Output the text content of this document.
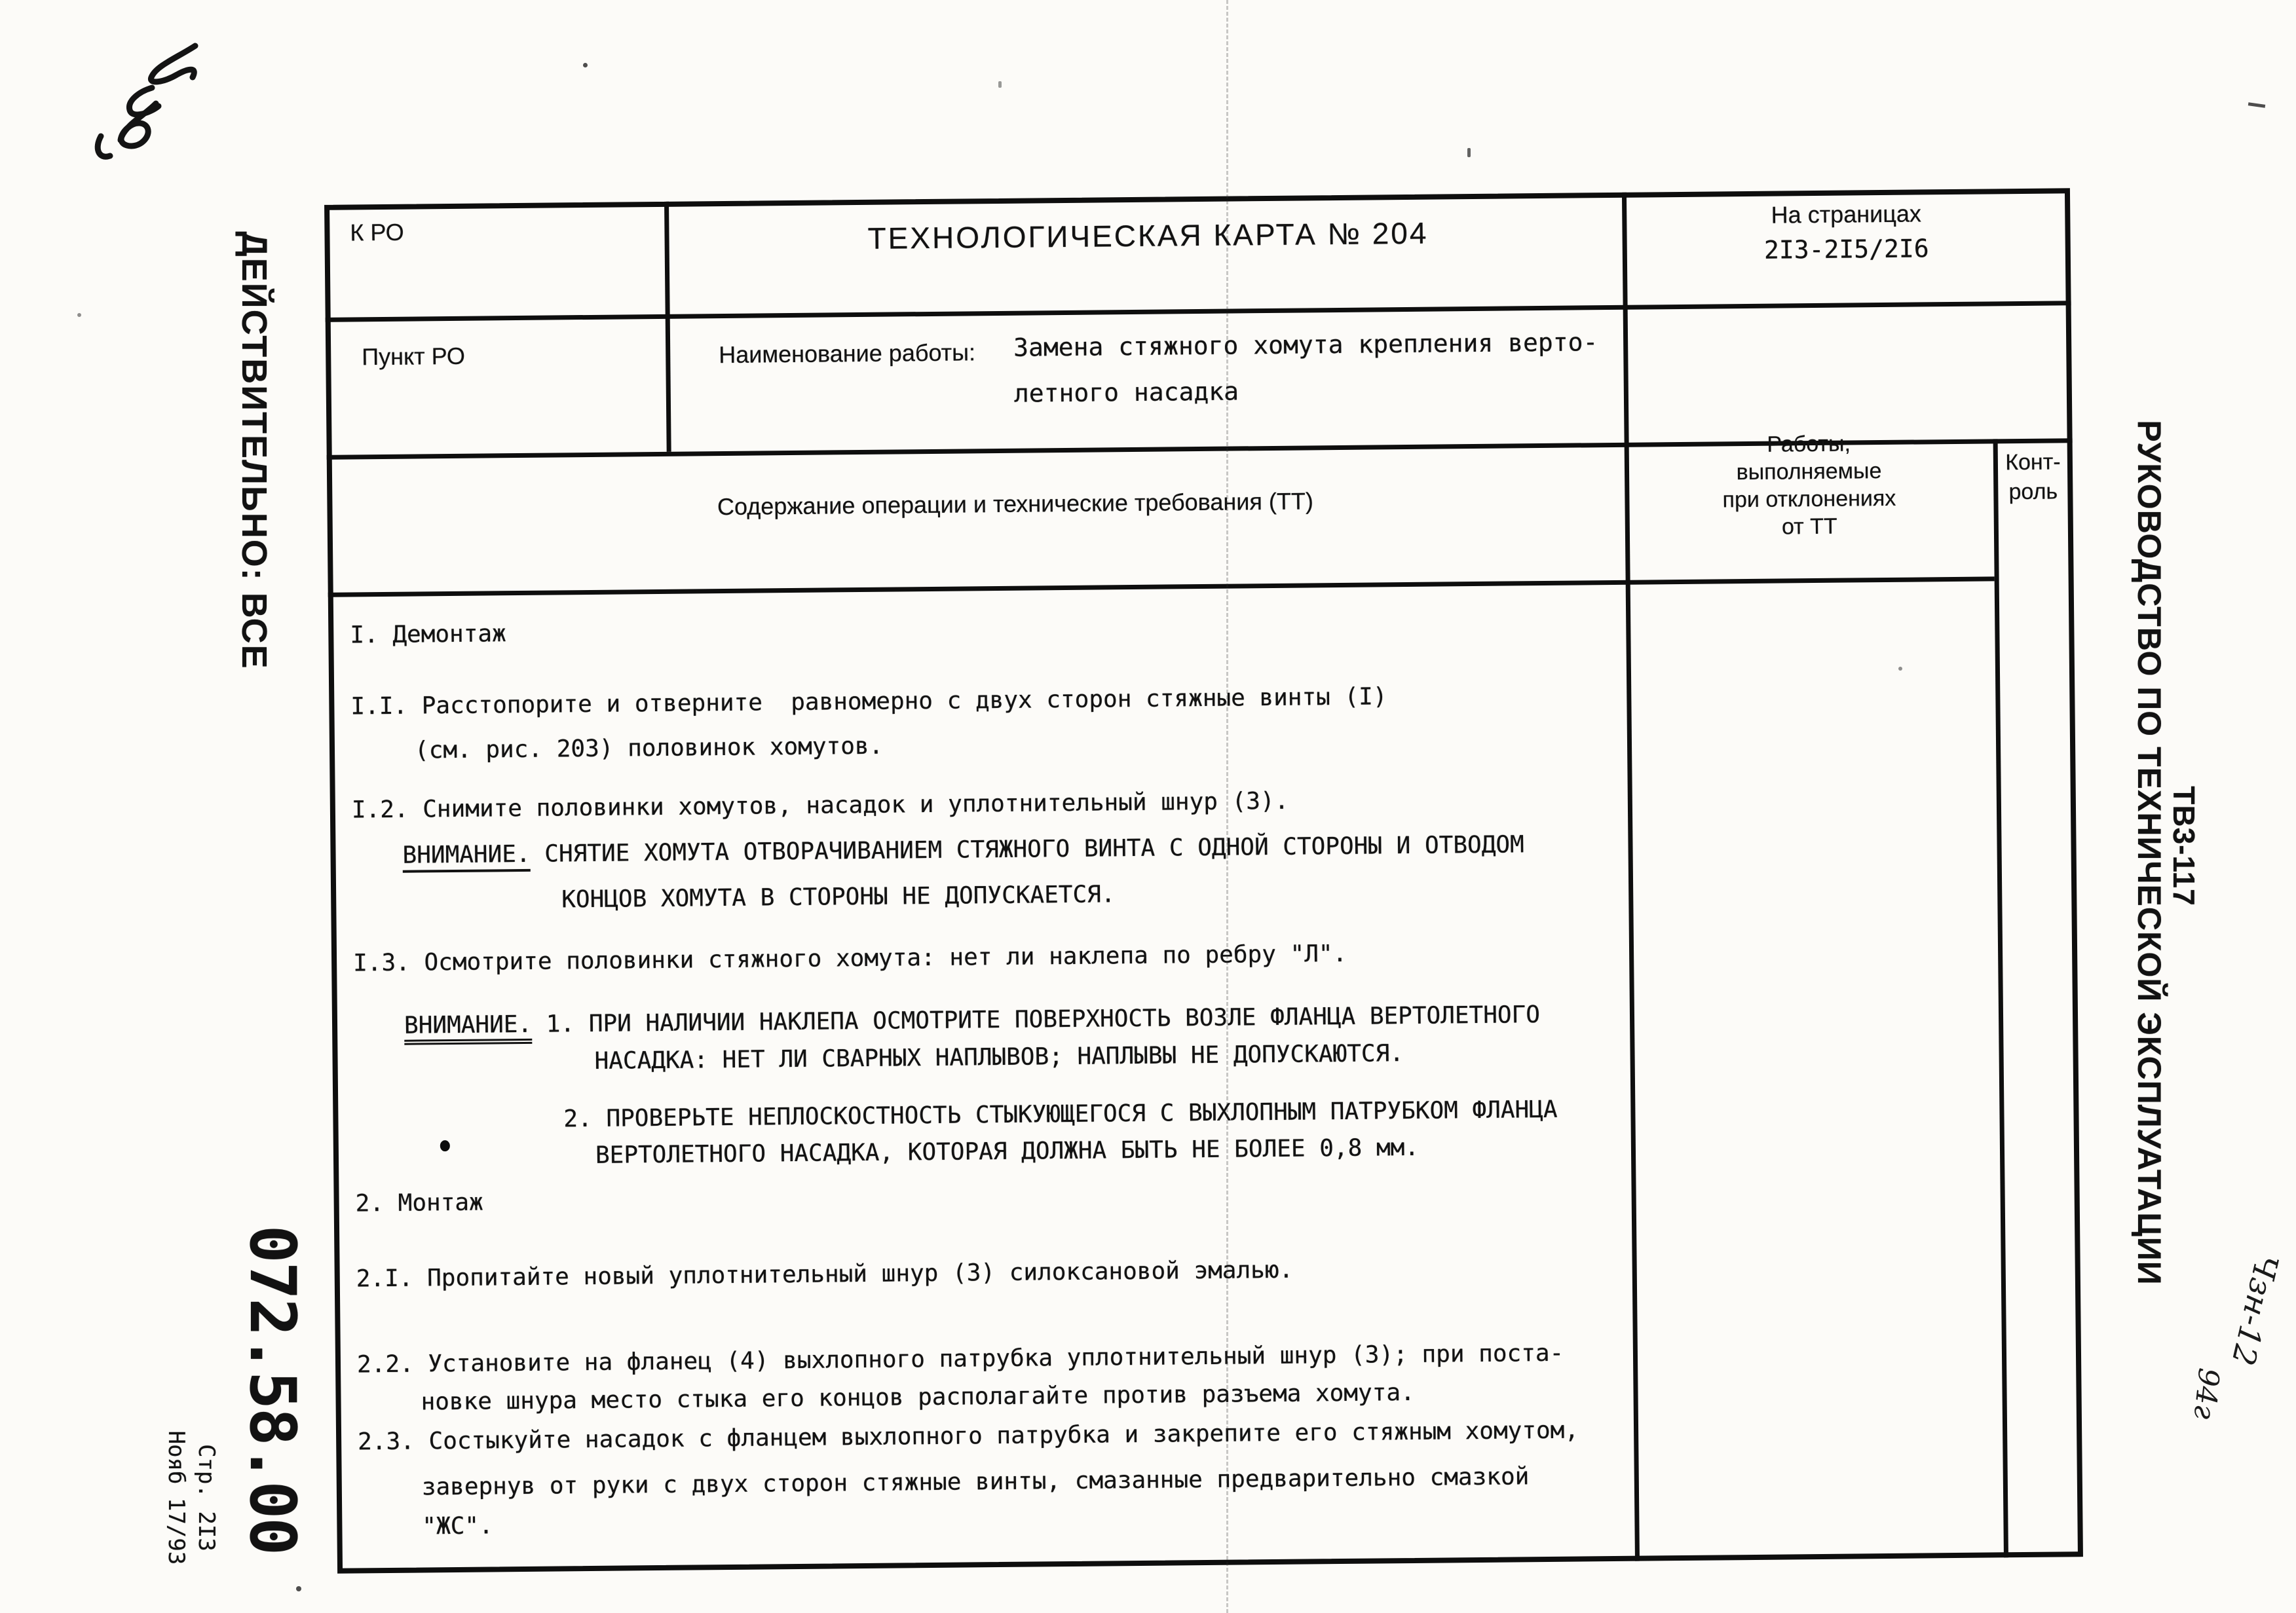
ДЕЙСТВИТЕЛЬНО: ВСЕ
072.58.00
Стр. 2I3
Нояб 17/93
ТВ3-117
РУКОВОДСТВО ПО ТЕХНИЧЕСКОЙ ЭКСПЛУАТАЦИИ
Чзн-12
94г
К РО	ТЕХНОЛОГИЧЕСКАЯ КАРТА № 204
На страницах
2I3-2I5/2I6
Пункт РО	Наименование работы: Замена стяжного хомута крепления верто-
летного насадка
Содержание операции и технические требования (ТТ)
Работы,
выполняемые
при отклонениях
от ТТ
Конт-
роль
I. Демонтаж
I.I. Расстопорите и отверните  равномерно с двух сторон стяжные винты (I)
(см. рис. 203) половинок хомутов.
I.2. Снимите половинки хомутов, насадок и уплотнительный шнур (3).
ВНИМАНИЕ. СНЯТИЕ ХОМУТА ОТВОРАЧИВАНИЕМ СТЯЖНОГО ВИНТА С ОДНОЙ СТОРОНЫ И ОТВОДОМ
КОНЦОВ ХОМУТА В СТОРОНЫ НЕ ДОПУСКАЕТСЯ.
I.3. Осмотрите половинки стяжного хомута: нет ли наклепа по ребру "Л".
ВНИМАНИЕ. 1. ПРИ НАЛИЧИИ НАКЛЕПА ОСМОТРИТЕ ПОВЕРХНОСТЬ ВОЗЛЕ ФЛАНЦА ВЕРТОЛЕТНОГО
НАСАДКА: НЕТ ЛИ СВАРНЫХ НАПЛЫВОВ; НАПЛЫВЫ НЕ ДОПУСКАЮТСЯ.
2. ПРОВЕРЬТЕ НЕПЛОСКОСТНОСТЬ СТЫКУЮЩЕГОСЯ С ВЫХЛОПНЫМ ПАТРУБКОМ ФЛАНЦА
ВЕРТОЛЕТНОГО НАСАДКА, КОТОРАЯ ДОЛЖНА БЫТЬ НЕ БОЛЕЕ 0,8 мм.
2. Монтаж
2.I. Пропитайте новый уплотнительный шнур (3) силоксановой эмалью.
2.2. Установите на фланец (4) выхлопного патрубка уплотнительный шнур (3); при поста-
новке шнура место стыка его концов располагайте против разъема хомута.
2.3. Состыкуйте насадок с фланцем выхлопного патрубка и закрепите его стяжным хомутом,
завернув от руки с двух сторон стяжные винты, смазанные предварительно смазкой
"ЖС".
